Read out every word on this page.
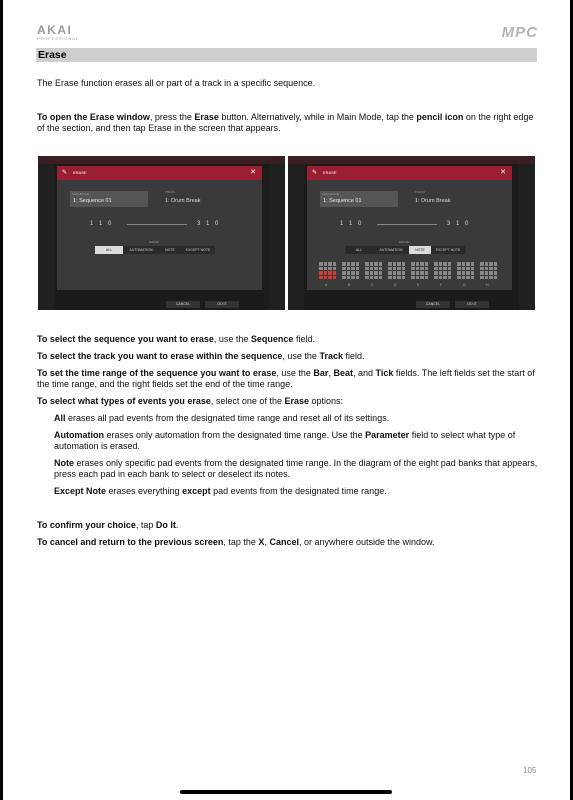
AKAI
PROFESSIONAL	MPC
Erase

The Erase function erases all or part of a track in a specific sequence.

To open the Erase window, press the Erase button. Alternatively, while in Main Mode, tap the pencil icon on the right edge of the section, and then tap Erase in the screen that appears.

✎ ERASE	✕
SEQUENCE
1: Sequence 01
TRACK
1: Drum Break
1 1 0	3 1 0
ERASE
ALL	AUTOMATION	NOTE	EXCEPT NOTE
CANCEL	DO IT
✎ ERASE	✕
SEQUENCE
1: Sequence 01
TRACK
1: Drum Break
1 1 0	3 1 0
ERASE
ALL	AUTOMATION	NOTE	EXCEPT NOTE
A	B	C	D	E	F	G	H
CANCEL	DO IT

To select the sequence you want to erase, use the Sequence field.

To select the track you want to erase within the sequence, use the Track field.

To set the time range of the sequence you want to erase, use the Bar, Beat, and Tick fields. The left fields set the start of the time range, and the right fields set the end of the time range.

To select what types of events you erase, select one of the Erase options:

All erases all pad events from the designated time range and reset all of its settings.

Automation erases only automation from the designated time range. Use the Parameter field to select what type of automation is erased.

Note erases only specific pad events from the designated time range. In the diagram of the eight pad banks that appears, press each pad in each bank to select or deselect its notes.

Except Note erases everything except pad events from the designated time range.

To confirm your choice, tap Do It.

To cancel and return to the previous screen, tap the X, Cancel, or anywhere outside the window.

105
